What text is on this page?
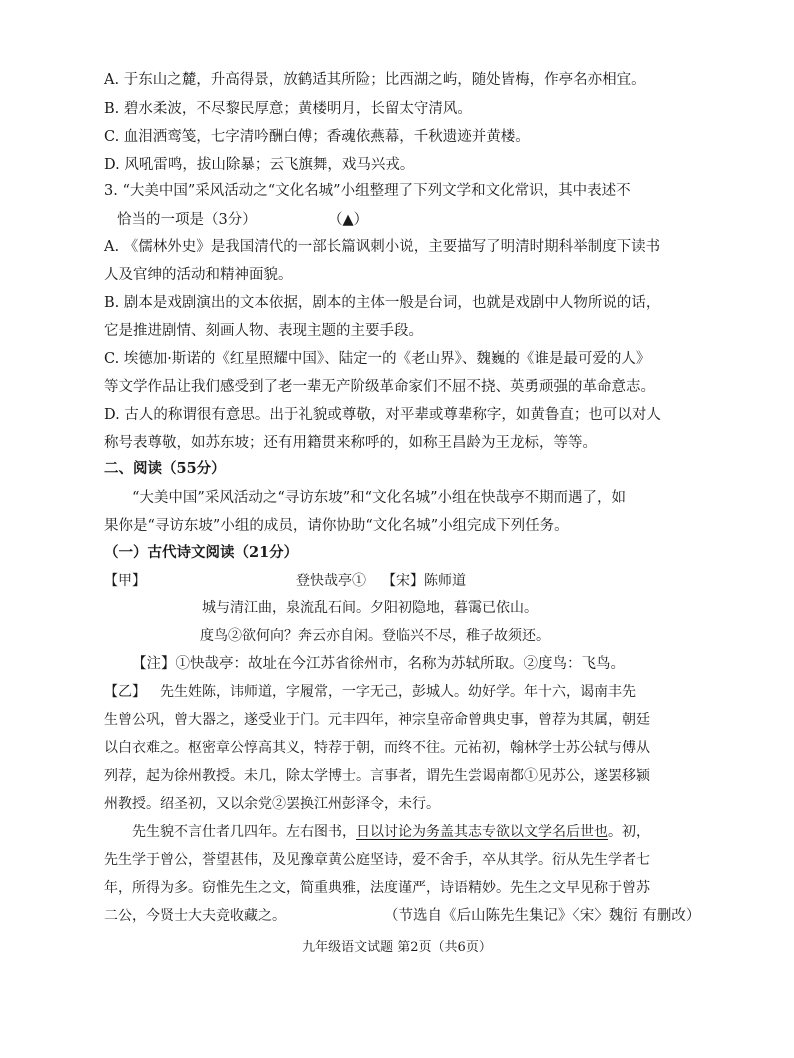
A. 于东山之麓，升高得景，放鹤适其所险；比西湖之屿，随处皆梅，作亭名亦相宜。
B. 碧水柔波，不尽黎民厚意；黄楼明月，长留太守清风。
C. 血泪洒鸾笺，七字清吟酬白傅；香魂依燕幕，千秋遗迹并黄楼。
D. 风吼雷鸣，拔山除暴；云飞旗舞，戏马兴戎。
3. “大美中国”采风活动之“文化名城”小组整理了下列文学和文化常识，其中表述不
恰当的一项是（3分）	（▲）
A. 《儒林外史》是我国清代的一部长篇讽刺小说，主要描写了明清时期科举制度下读书
人及官绅的活动和精神面貌。
B. 剧本是戏剧演出的文本依据，剧本的主体一般是台词，也就是戏剧中人物所说的话，
它是推进剧情、刻画人物、表现主题的主要手段。
C. 埃德加·斯诺的《红星照耀中国》、陆定一的《老山界》、魏巍的《谁是最可爱的人》
等文学作品让我们感受到了老一辈无产阶级革命家们不屈不挠、英勇顽强的革命意志。
D. 古人的称谓很有意思。出于礼貌或尊敬，对平辈或尊辈称字，如黄鲁直；也可以对人
称号表尊敬，如苏东坡；还有用籍贯来称呼的，如称王昌龄为王龙标，等等。
二、阅读（55分）
“大美中国”采风活动之“寻访东坡”和“文化名城”小组在快哉亭不期而遇了，如
果你是“寻访东坡”小组的成员，请你协助“文化名城”小组完成下列任务。
（一）古代诗文阅读（21分）
【甲】	登快哉亭① 【宋】陈师道
城与清江曲，泉流乱石间。夕阳初隐地，暮霭已依山。
度鸟②欲何向？奔云亦自闲。登临兴不尽，稚子故须还。
【注】①快哉亭：故址在今江苏省徐州市，名称为苏轼所取。②度鸟：飞鸟。
【乙】 先生姓陈，讳师道，字履常，一字无己，彭城人。幼好学。年十六，谒南丰先
生曾公巩，曾大器之，遂受业于门。元丰四年，神宗皇帝命曾典史事，曾荐为其属，朝廷
以白衣难之。枢密章公惇高其义，特荐于朝，而终不往。元祐初，翰林学士苏公轼与傅从
列荐，起为徐州教授。未几，除太学博士。言事者，谓先生尝谒南都①见苏公，遂罢移颍
州教授。绍圣初，又以余党②罢换江州彭泽令，未行。
先生貌不言仕者几四年。左右图书，日以讨论为务盖其志专欲以文学名后世也。初，
先生学于曾公，誉望甚伟，及见豫章黄公庭坚诗，爱不舍手，卒从其学。衍从先生学者七
年，所得为多。窃惟先生之文，简重典雅，法度谨严，诗语精妙。先生之文早见称于曾苏
二公，今贤士大夫竞收藏之。	（节选自《后山陈先生集记》〈宋〉魏衍 有删改）
九年级语文试题 第2页（共6页）
